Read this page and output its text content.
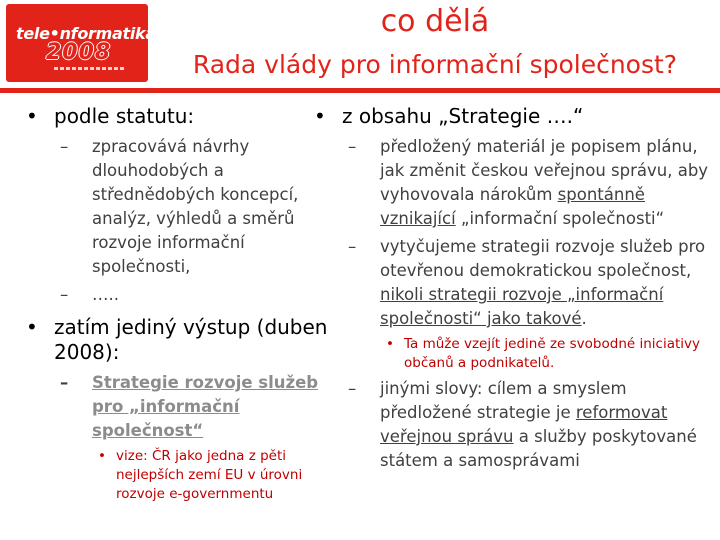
tele•nformatika
2008
co dělá
Rada vlády pro informační společnost?
• podle statutu:
– zpracovává návrhy dlouhodobých a střednědobých koncepcí, analýz, výhledů a směrů rozvoje informační společnosti,
– …..
• zatím jediný výstup (duben 2008):
– Strategie rozvoje služeb pro „informační společnost“
• vize: ČR jako jedna z pěti nejlepších zemí EU v úrovni rozvoje e-governmentu
• z obsahu „Strategie ….“
– předložený materiál je popisem plánu, jak změnit českou veřejnou správu, aby vyhovovala nárokům spontánně vznikající „informační společnosti“
– vytyčujeme strategii rozvoje služeb pro otevřenou demokratickou společnost, nikoli strategii rozvoje „informační společnosti“ jako takové.
• Ta může vzejít jedině ze svobodné iniciativy občanů a podnikatelů.
– jinými slovy: cílem a smyslem předložené strategie je reformovat veřejnou správu a služby poskytované státem a samosprávami
